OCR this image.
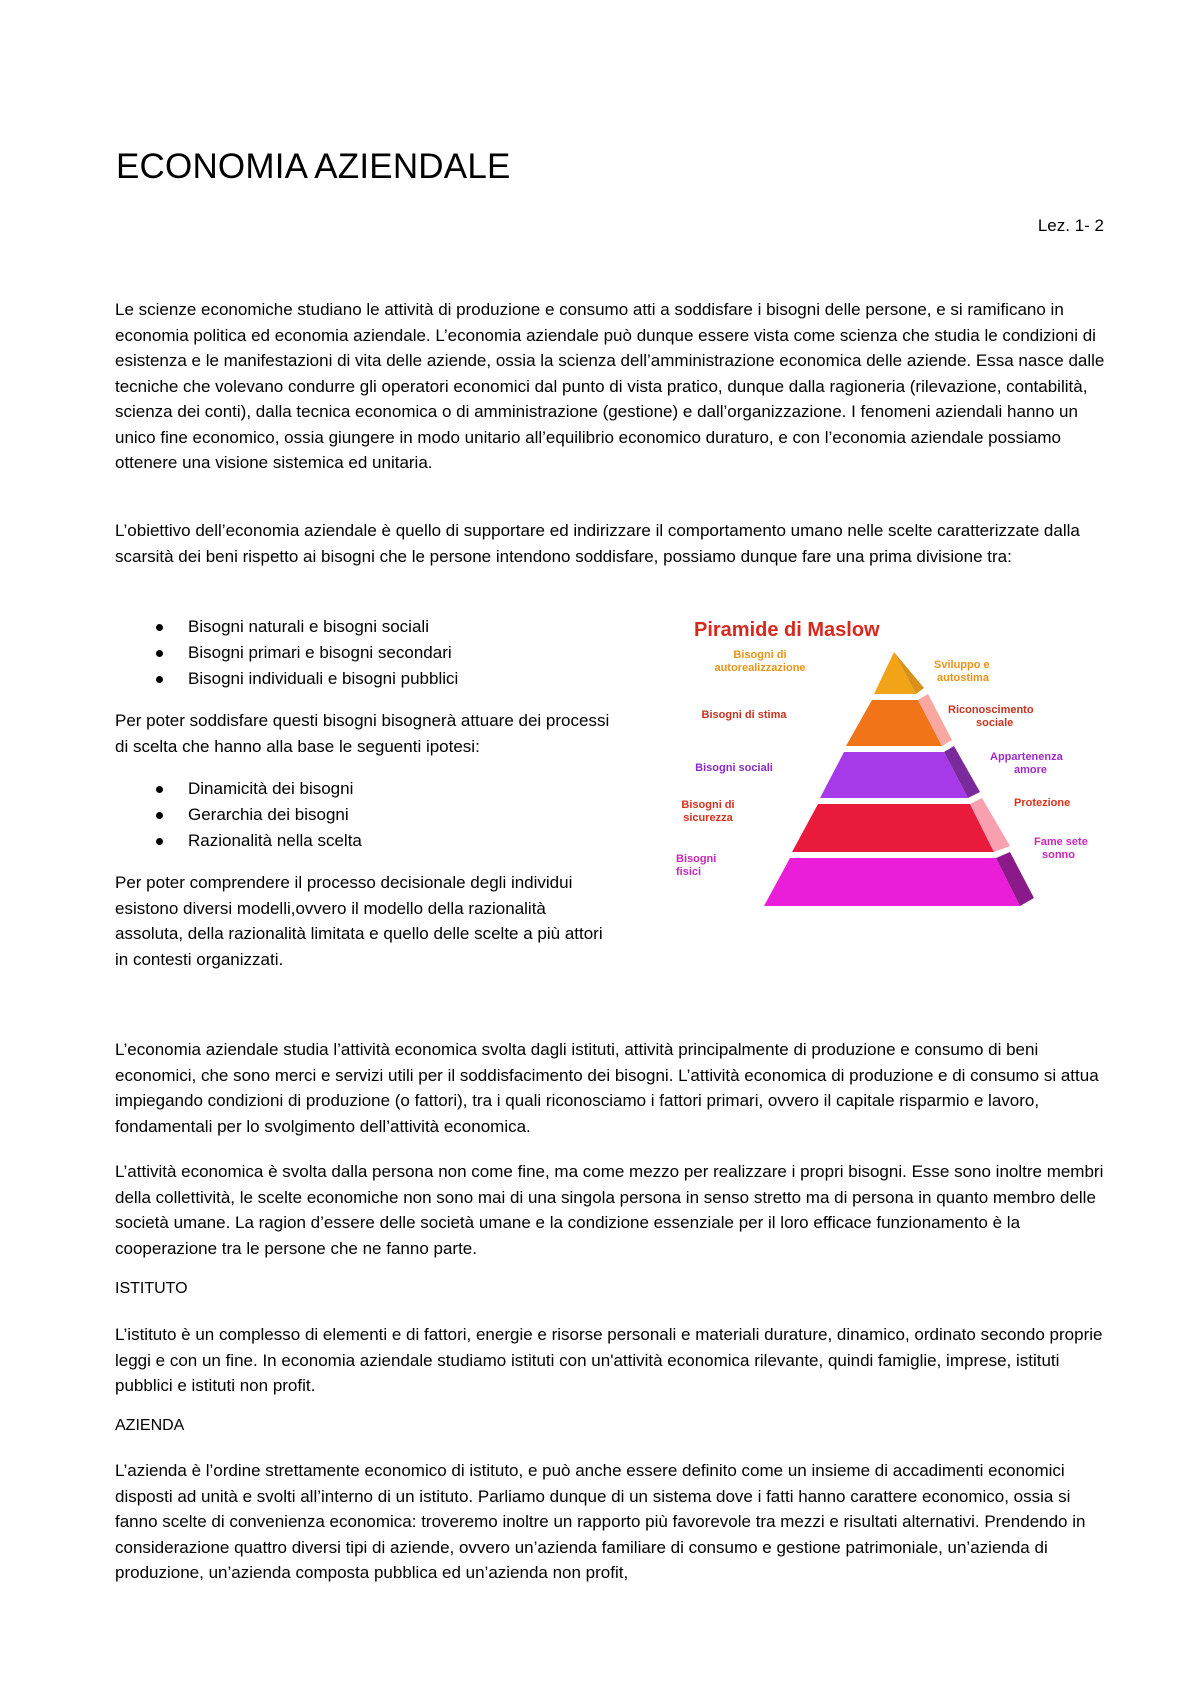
ECONOMIA AZIENDALE
Lez. 1- 2

Le scienze economiche studiano le attività di produzione e consumo atti a soddisfare i bisogni delle persone, e si ramificano in economia politica ed economia aziendale. L’economia aziendale può dunque essere vista come scienza che studia le condizioni di esistenza e le manifestazioni di vita delle aziende, ossia la scienza dell’amministrazione economica delle aziende. Essa nasce dalle tecniche che volevano condurre gli operatori economici dal punto di vista pratico, dunque dalla ragioneria (rilevazione, contabilità, scienza dei conti), dalla tecnica economica o di amministrazione (gestione) e dall’organizzazione. I fenomeni aziendali hanno un unico fine economico, ossia giungere in modo unitario all’equilibrio economico duraturo, e con l’economia aziendale possiamo ottenere una visione sistemica ed unitaria.

L’obiettivo dell’economia aziendale è quello di supportare ed indirizzare il comportamento umano nelle scelte caratterizzate dalla scarsità dei beni rispetto ai bisogni che le persone intendono soddisfare, possiamo dunque fare una prima divisione tra:

Bisogni naturali e bisogni sociali
Bisogni primari e bisogni secondari
Bisogni individuali e bisogni pubblici

Per poter soddisfare questi bisogni bisognerà attuare dei processi di scelta che hanno alla base le seguenti ipotesi:

Dinamicità dei bisogni
Gerarchia dei bisogni
Razionalità nella scelta

Per poter comprendere il processo decisionale degli individui esistono diversi modelli,ovvero il modello della razionalità assoluta, della razionalità limitata e quello delle scelte a più attori in contesti organizzati.

Piramide di Maslow
Bisogni di
autorealizzazione
Bisogni di stima
Bisogni sociali
Bisogni di
sicurezza
Bisogni
fisici
Sviluppo e
autostima
Riconoscimento
sociale
Appartenenza
amore
Protezione
Fame sete
sonno

L’economia aziendale studia l’attività economica svolta dagli istituti, attività principalmente di produzione e consumo di beni economici, che sono merci e servizi utili per il soddisfacimento dei bisogni. L’attività economica di produzione e di consumo si attua impiegando condizioni di produzione (o fattori), tra i quali riconosciamo i fattori primari, ovvero il capitale risparmio e lavoro, fondamentali per lo svolgimento dell’attività economica.

L’attività economica è svolta dalla persona non come fine, ma come mezzo per realizzare i propri bisogni. Esse sono inoltre membri della collettività, le scelte economiche non sono mai di una singola persona in senso stretto ma di persona in quanto membro delle società umane. La ragion d’essere delle società umane e la condizione essenziale per il loro efficace funzionamento è la cooperazione tra le persone che ne fanno parte.

ISTITUTO

L’istituto è un complesso di elementi e di fattori, energie e risorse personali e materiali durature, dinamico, ordinato secondo proprie leggi e con un fine. In economia aziendale studiamo istituti con un'attività economica rilevante, quindi famiglie, imprese, istituti pubblici e istituti non profit.

AZIENDA

L’azienda è l’ordine strettamente economico di istituto, e può anche essere definito come un insieme di accadimenti economici disposti ad unità e svolti all’interno di un istituto. Parliamo dunque di un sistema dove i fatti hanno carattere economico, ossia si fanno scelte di convenienza economica: troveremo inoltre un rapporto più favorevole tra mezzi e risultati alternativi. Prendendo in considerazione quattro diversi tipi di aziende, ovvero un’azienda familiare di consumo e gestione patrimoniale, un’azienda di produzione, un’azienda composta pubblica ed un’azienda non profit,
